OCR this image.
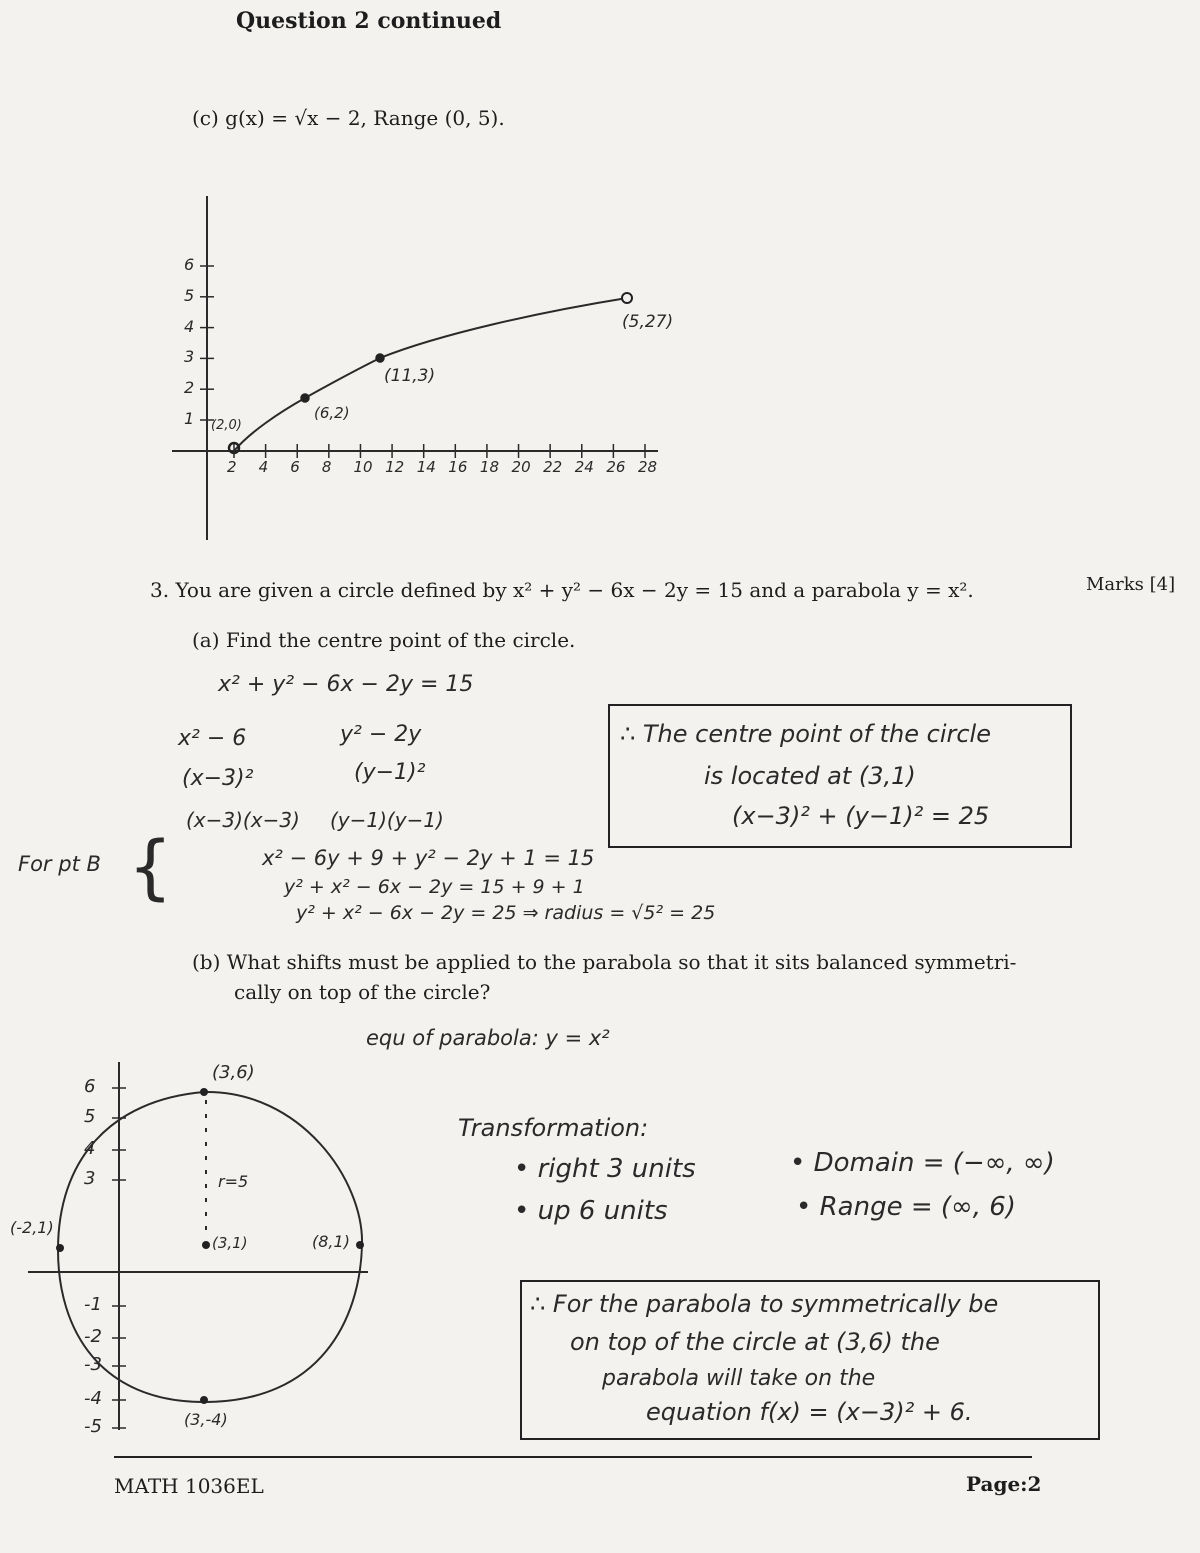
Question 2 continued
(c) g(x) = √x − 2, Range (0, 5).
6
5
4
3
2
1
2 4 6 8 10 12 14 16 18 20 22 24 26 28
(2,0)
(6,2)
(11,3)
(5,27)
3. You are given a circle defined by x² + y² − 6x − 2y = 15 and a parabola y = x².	Marks [4]
(a) Find the centre point of the circle.
x² + y² − 6x − 2y = 15
x² − 6	y² − 2y
(x−3)²	(y−1)²
(x−3)(x−3) (y−1)(y−1)
x² − 6y + 9 + y² − 2y + 1 = 15
y² + x² − 6x − 2y = 15 + 9 + 1
y² + x² − 6x − 2y = 25 ⇒ radius = √5² = 25
For pt B {
∴ The centre point of the circle
is located at (3,1)
(x−3)² + (y−1)² = 25
(b) What shifts must be applied to the parabola so that it sits balanced symmetri-
cally on top of the circle?
equ of parabola: y = x²
6
5
4
3
-1
-2
-3
-4
-5
(3,6)
(-2,1)
(3,1)	(8,1)
(3,-4)
r=5
Transformation:
• right 3 units
• up 6 units
• Domain = (−∞, ∞)
• Range = (∞, 6)
∴ For the parabola to symmetrically be
on top of the circle at (3,6) the
parabola will take on the
equation f(x) = (x−3)² + 6.
MATH 1036EL	Page:2
